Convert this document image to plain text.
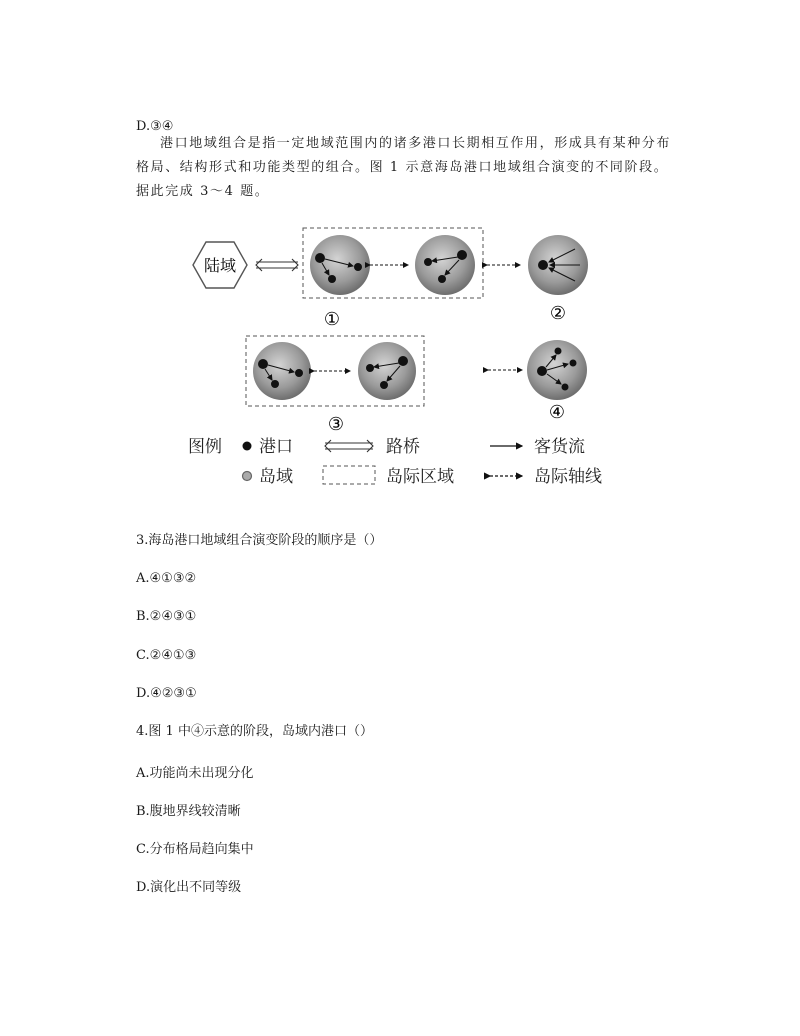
D.③④
港口地域组合是指一定地域范围内的诸多港口长期相互作用，形成具有某种分布格局、结构形式和功能类型的组合。图 1 示意海岛港口地域组合演变的不同阶段。据此完成 3～4 题。
陆域
①	②
③
④
图例 港口
岛域
路桥
岛际区域
客货流
岛际轴线
3.海岛港口地域组合演变阶段的顺序是（）
A.④①③②
B.②④③①
C.②④①③
D.④②③①
4.图 1 中④示意的阶段，岛域内港口（）
A.功能尚未出现分化
B.腹地界线较清晰
C.分布格局趋向集中
D.演化出不同等级
